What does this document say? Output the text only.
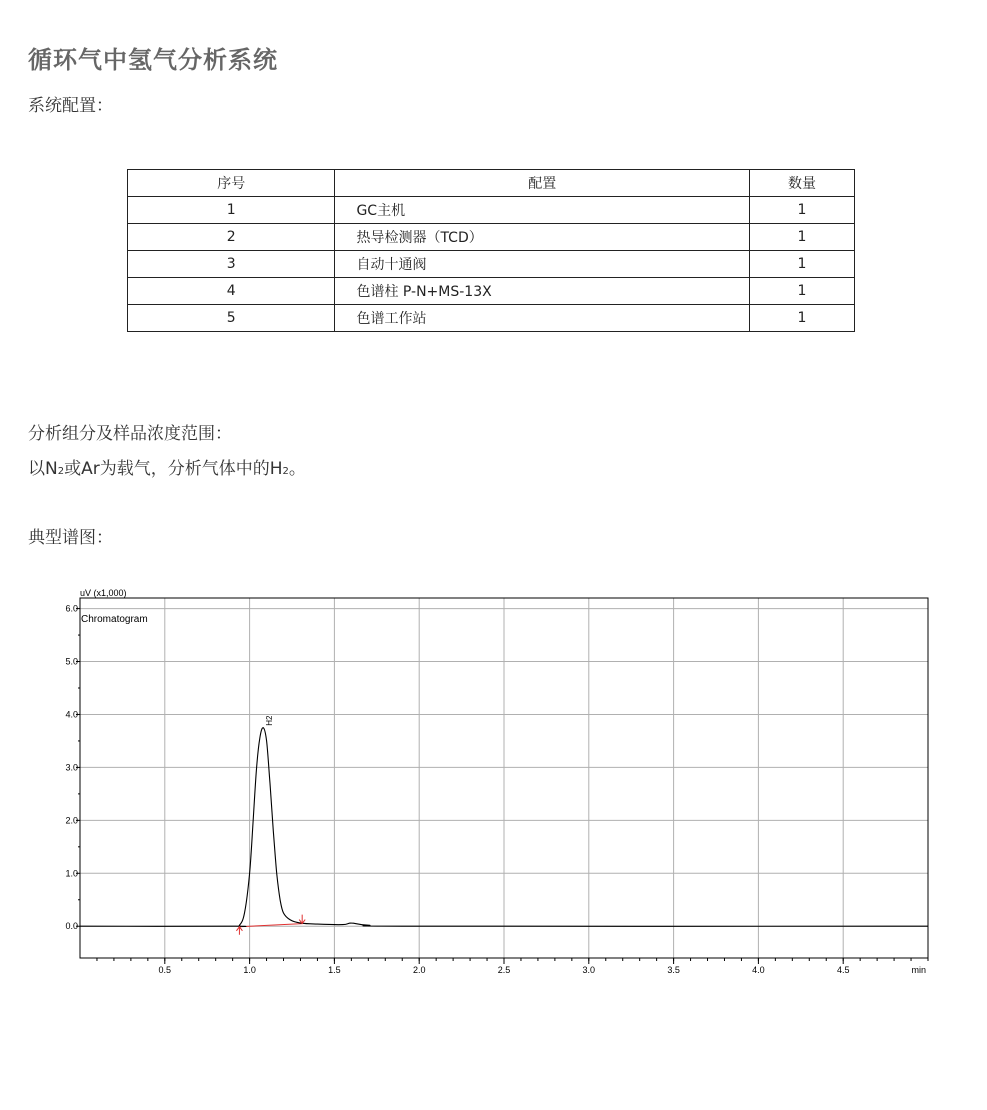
循环气中氢气分析系统

系统配置：

序号	配置	数量
1	GC主机	1
2	热导检测器（TCD）	1
3	自动十通阀	1
4	色谱柱 P-N+MS-13X	1
5	色谱工作站	1

分析组分及样品浓度范围：

以N2或Ar为载气，分析气体中的H2。

典型谱图：

uV (x1,000)
Chromatogram
min
0.0
1.0
2.0
3.0
4.0
5.0
6.0
0.5	1.0	1.5	2.0	2.5	3.0	3.5	4.0	4.5
H2
